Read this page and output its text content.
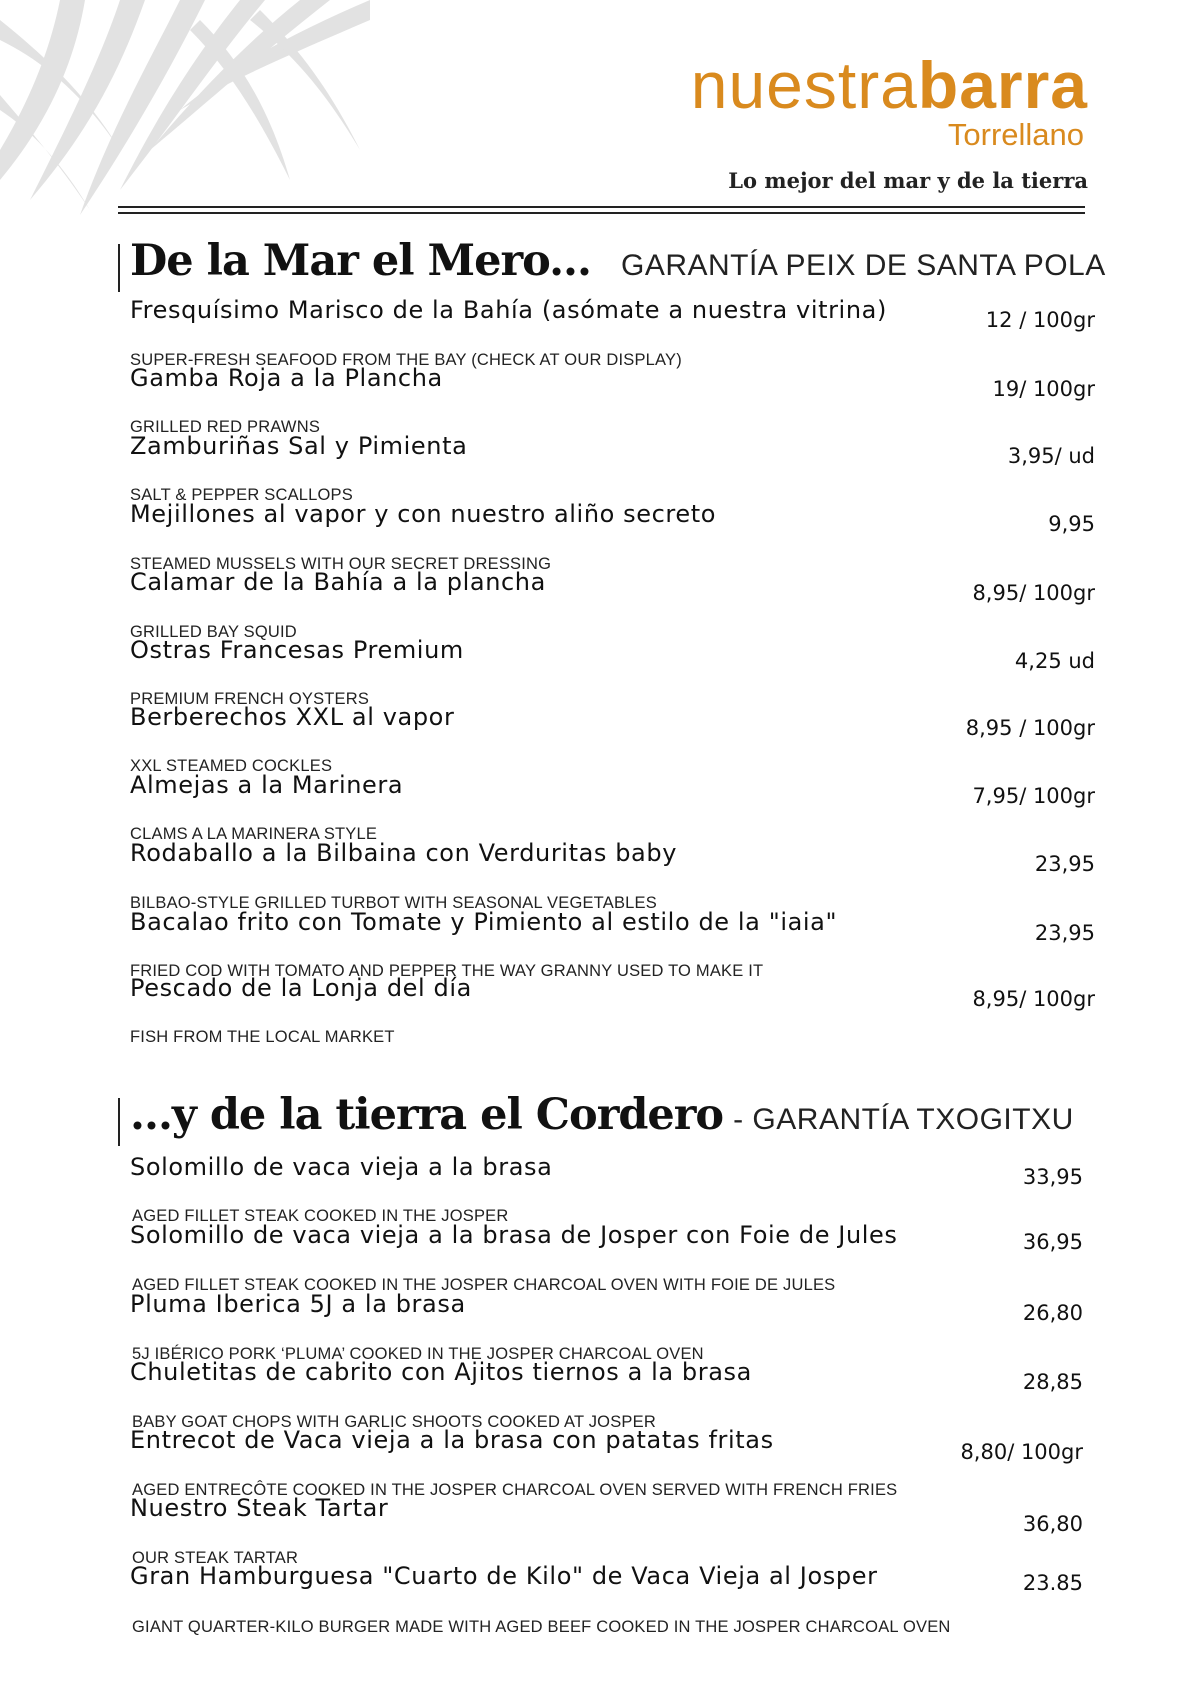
nuestrabarra
Torrellano
Lo mejor del mar y de la tierra
De la Mar el Mero... GARANTÍA PEIX DE SANTA POLA
...y de la tierra el Cordero - GARANTÍA TXOGITXU
Fresquísimo Marisco de la Bahía (asómate a nuestra vitrina)
SUPER-FRESH SEAFOOD FROM THE BAY (CHECK AT OUR DISPLAY)
12 / 100gr
Gamba Roja a la Plancha
GRILLED RED PRAWNS
19/ 100gr
Zamburiñas Sal y Pimienta
SALT & PEPPER SCALLOPS
3,95/ ud
Mejillones al vapor y con nuestro aliño secreto
STEAMED MUSSELS WITH OUR SECRET DRESSING
9,95
Calamar de la Bahía a la plancha
GRILLED BAY SQUID
8,95/ 100gr
Ostras Francesas Premium
PREMIUM FRENCH OYSTERS
4,25 ud
Berberechos XXL al vapor
XXL STEAMED COCKLES
8,95 / 100gr
Almejas a la Marinera
CLAMS A LA MARINERA STYLE
7,95/ 100gr
Rodaballo a la Bilbaina con Verduritas baby
BILBAO-STYLE GRILLED TURBOT WITH SEASONAL VEGETABLES
23,95
Bacalao frito con Tomate y Pimiento al estilo de la "iaia"
FRIED COD WITH TOMATO AND PEPPER THE WAY GRANNY USED TO MAKE IT
23,95
Pescado de la Lonja del día
FISH FROM THE LOCAL MARKET
8,95/ 100gr
Solomillo de vaca vieja a la brasa
AGED FILLET STEAK COOKED IN THE JOSPER
33,95
Solomillo de vaca vieja a la brasa de Josper con Foie de Jules
AGED FILLET STEAK COOKED IN THE JOSPER CHARCOAL OVEN WITH FOIE DE JULES
36,95
Pluma Iberica 5J a la brasa
5J IBÉRICO PORK ‘PLUMA’ COOKED IN THE JOSPER CHARCOAL OVEN
26,80
Chuletitas de cabrito con Ajitos tiernos a la brasa
BABY GOAT CHOPS WITH GARLIC SHOOTS COOKED AT JOSPER
28,85
Entrecot de Vaca vieja a la brasa con patatas fritas
AGED ENTRECÔTE COOKED IN THE JOSPER CHARCOAL OVEN SERVED WITH FRENCH FRIES
8,80/ 100gr
Nuestro Steak Tartar
OUR STEAK TARTAR
36,80
Gran Hamburguesa "Cuarto de Kilo" de Vaca Vieja al Josper
GIANT QUARTER-KILO BURGER MADE WITH AGED BEEF COOKED IN THE JOSPER CHARCOAL OVEN
23.85
